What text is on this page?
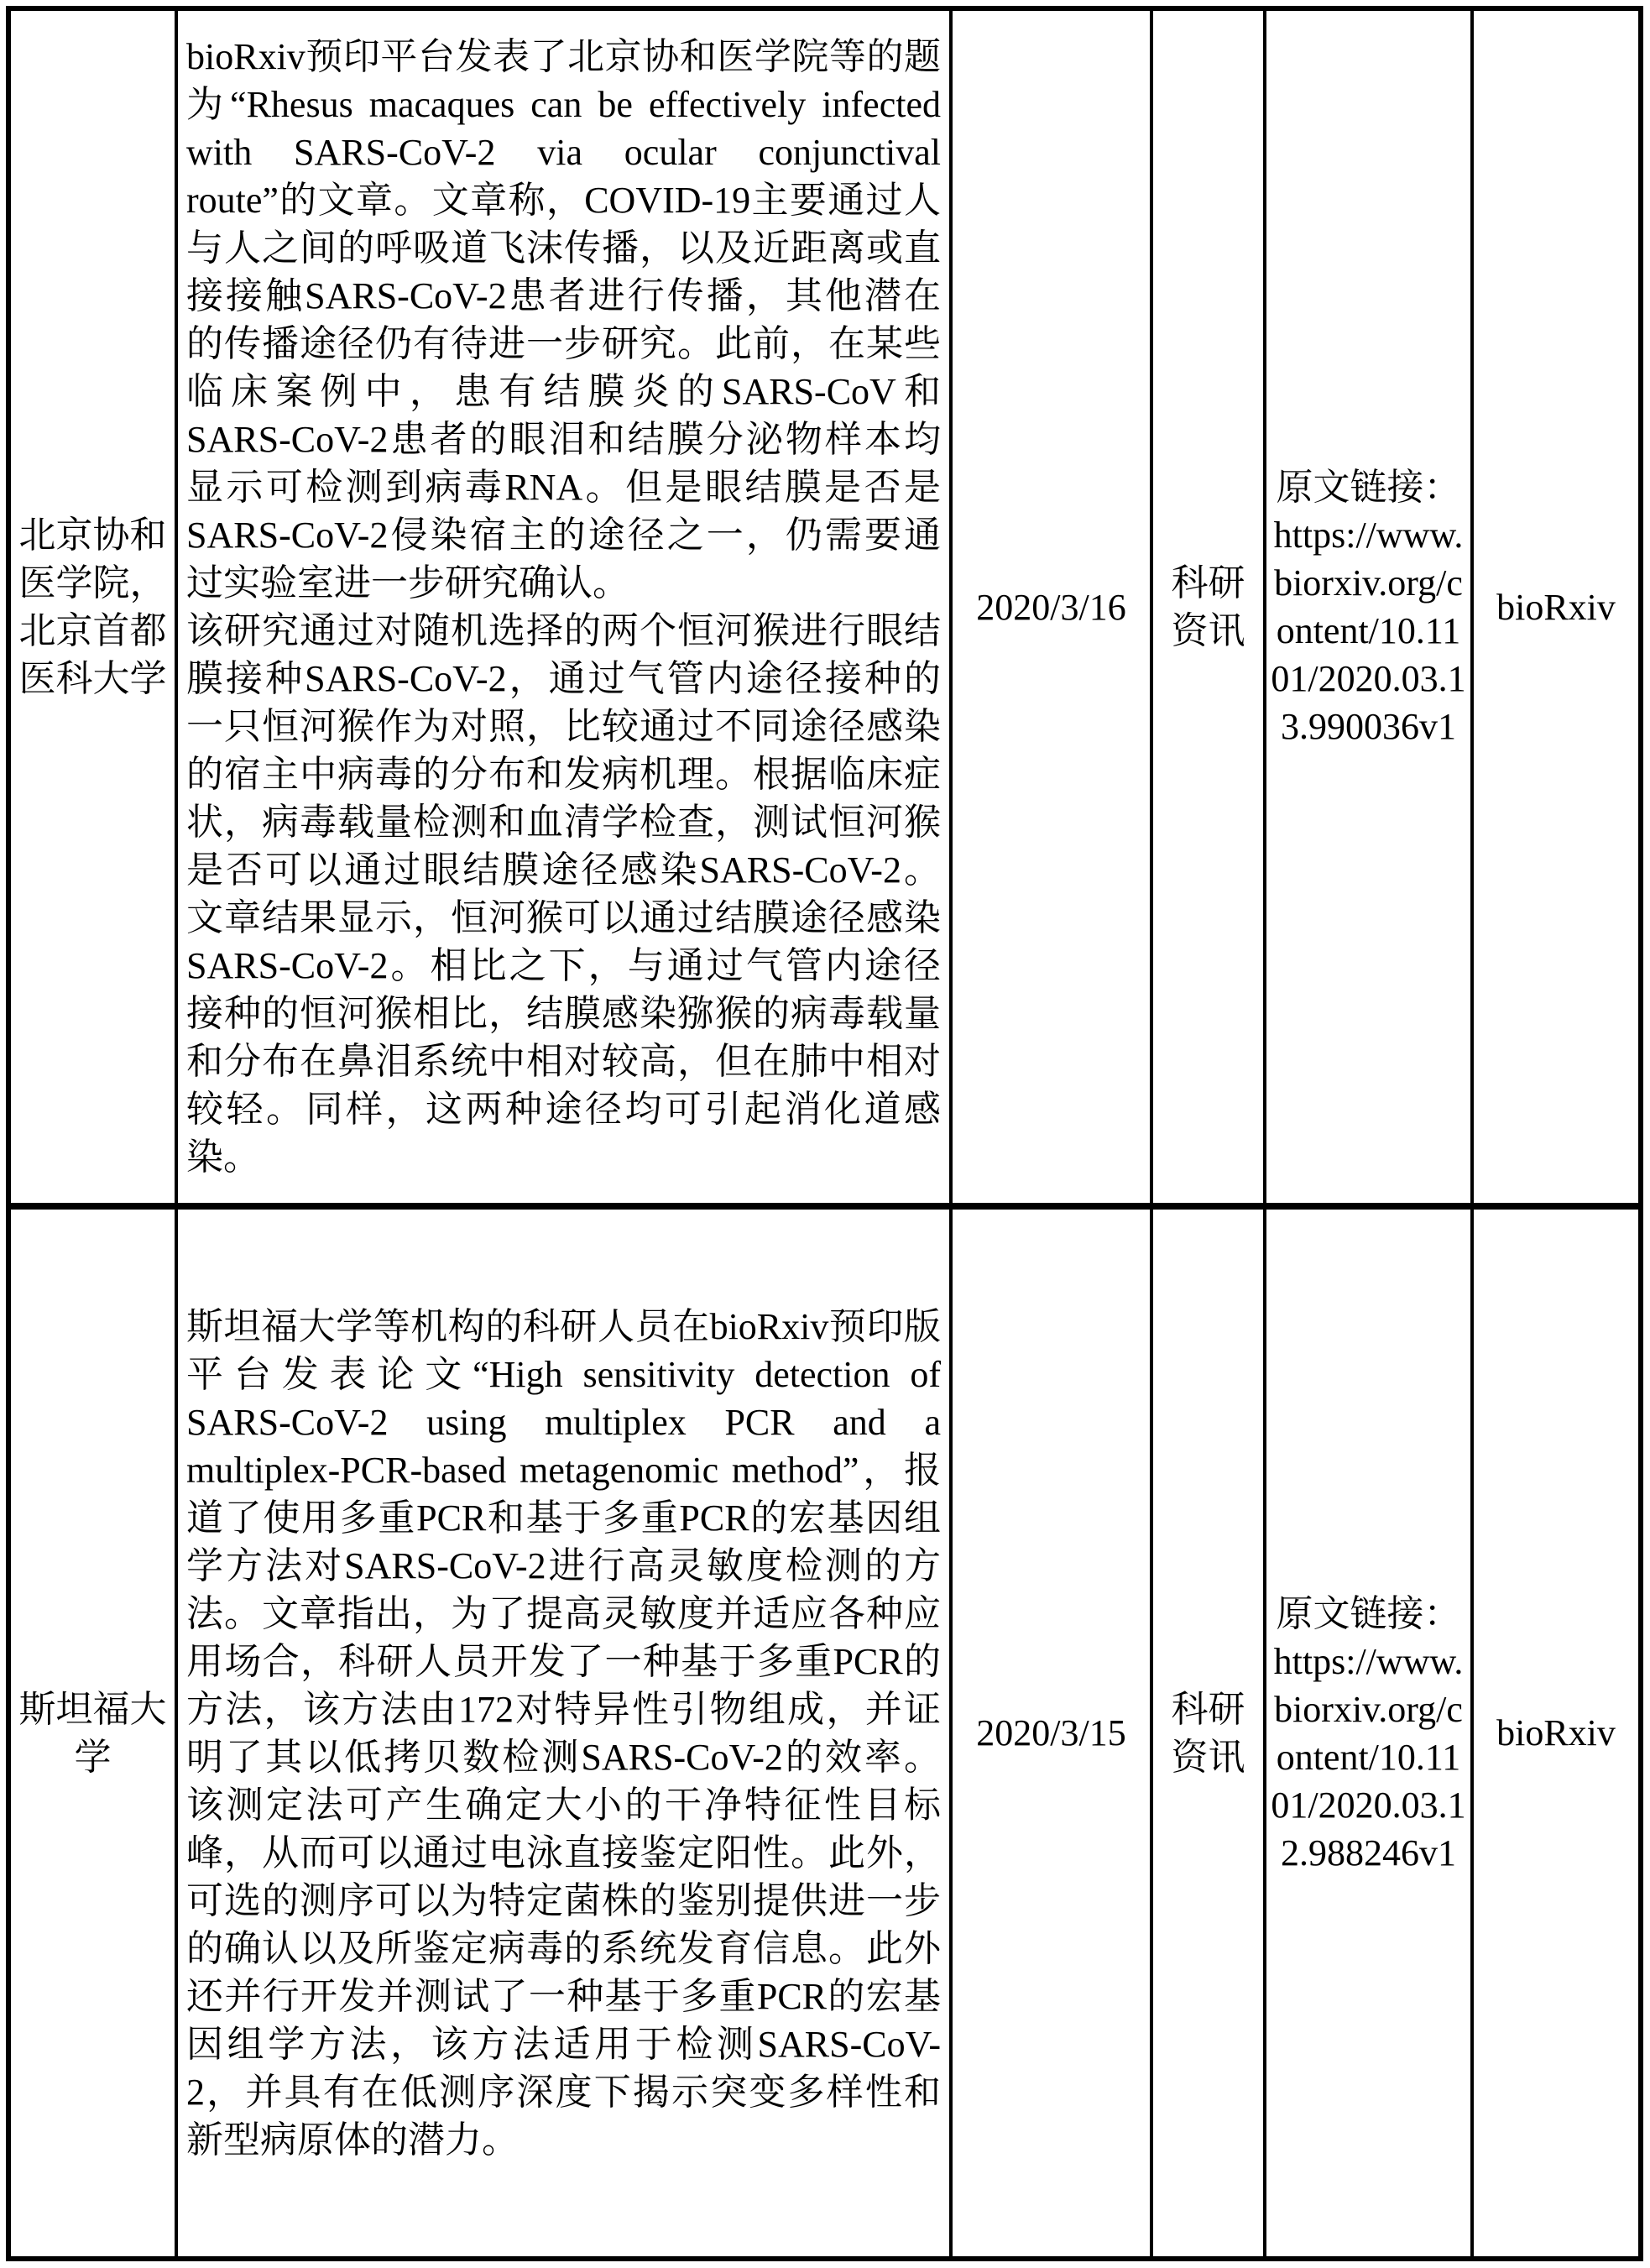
北京协和医学院，北京首都医科大学

bioRxiv预印平台发表了北京协和医学院等的题为“Rhesus macaques can be effectively infected with SARS-CoV-2 via ocular conjunctival route”的文章。文章称，COVID-19主要通过人与人之间的呼吸道飞沫传播，以及近距离或直接接触SARS-CoV-2患者进行传播，其他潜在的传播途径仍有待进一步研究。此前，在某些临床案例中，患有结膜炎的SARS-CoV和SARS-CoV-2患者的眼泪和结膜分泌物样本均显示可检测到病毒RNA。但是眼结膜是否是SARS-CoV-2侵染宿主的途径之一，仍需要通过实验室进一步研究确认。

该研究通过对随机选择的两个恒河猴进行眼结膜接种SARS-CoV-2，通过气管内途径接种的一只恒河猴作为对照，比较通过不同途径感染的宿主中病毒的分布和发病机理。根据临床症状，病毒载量检测和血清学检查，测试恒河猴是否可以通过眼结膜途径感染SARS-CoV-2。文章结果显示，恒河猴可以通过结膜途径感染SARS-CoV-2。相比之下，与通过气管内途径接种的恒河猴相比，结膜感染猕猴的病毒载量和分布在鼻泪系统中相对较高，但在肺中相对较轻。同样，这两种途径均可引起消化道感染。

2020/3/16
科研资讯
原文链接：https://www.biorxiv.org/content/10.1101/2020.03.13.990036v1
bioRxiv
斯坦福大学

斯坦福大学等机构的科研人员在bioRxiv预印版平台发表论文“High sensitivity detection of SARS-CoV-2 using multiplex PCR and a multiplex-PCR-based metagenomic method”，报道了使用多重PCR和基于多重PCR的宏基因组学方法对SARS-CoV-2进行高灵敏度检测的方法。文章指出，为了提高灵敏度并适应各种应用场合，科研人员开发了一种基于多重PCR的方法，该方法由172对特异性引物组成，并证明了其以低拷贝数检测SARS-CoV-2的效率。该测定法可产生确定大小的干净特征性目标峰，从而可以通过电泳直接鉴定阳性。此外，可选的测序可以为特定菌株的鉴别提供进一步的确认以及所鉴定病毒的系统发育信息。此外还并行开发并测试了一种基于多重PCR的宏基因组学方法，该方法适用于检测SARS-CoV-2，并具有在低测序深度下揭示突变多样性和新型病原体的潜力。

2020/3/15
科研资讯
原文链接：https://www.biorxiv.org/content/10.1101/2020.03.12.988246v1
bioRxiv
